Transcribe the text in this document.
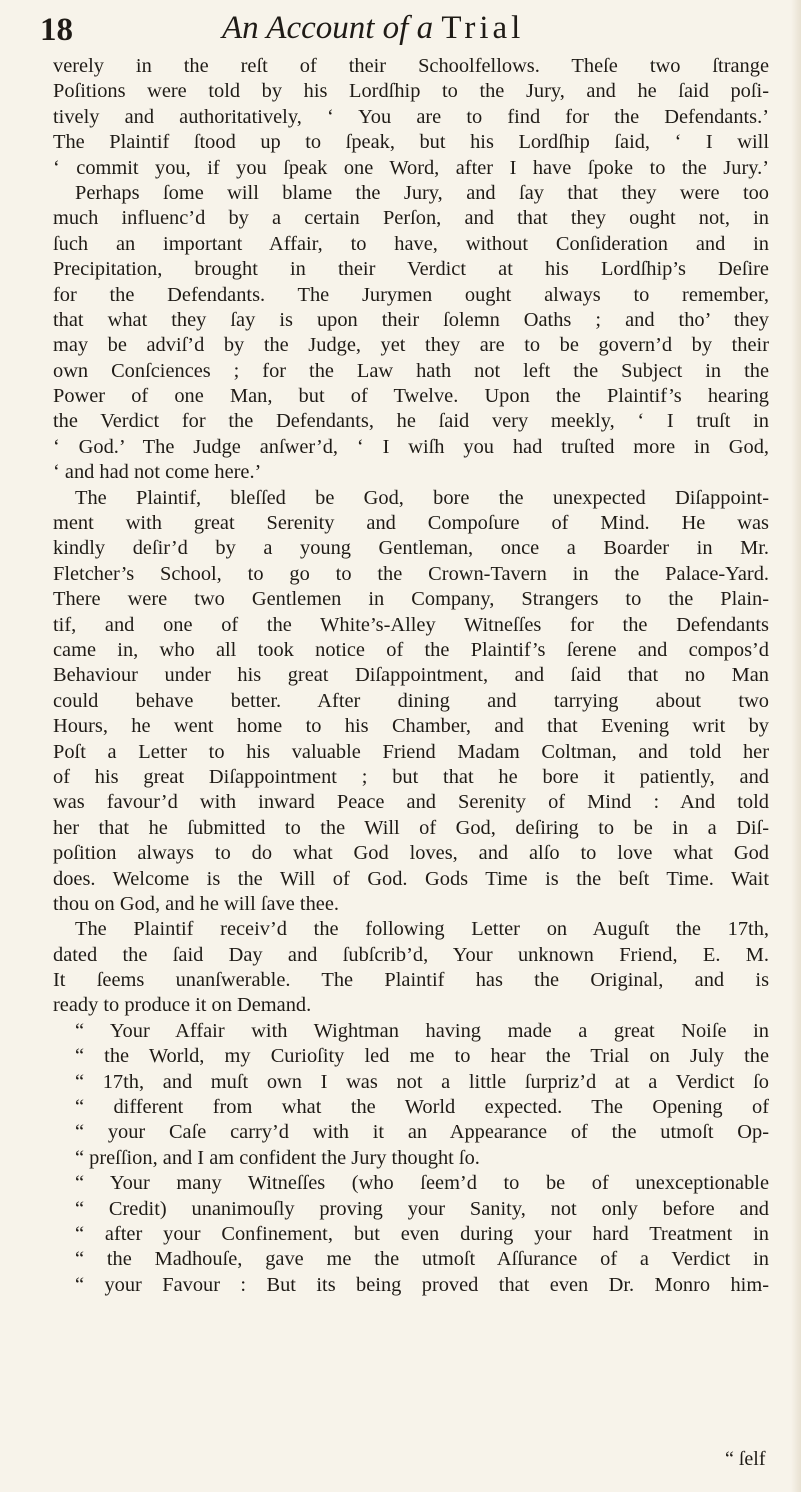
18	An Account of a Trial
verely in the reſt of their Schoolfellows. Theſe two ſtrange
Poſitions were told by his Lordſhip to the Jury, and he ſaid poſi-
tively and authoritatively, ‘ You are to find for the Defendants.’
The Plaintif ſtood up to ſpeak, but his Lordſhip ſaid, ‘ I will
‘ commit you, if you ſpeak one Word, after I have ſpoke to the Jury.’
Perhaps ſome will blame the Jury, and ſay that they were too
much influenc’d by a certain Perſon, and that they ought not, in
ſuch an important Affair, to have, without Conſideration and in
Precipitation, brought in their Verdict at his Lordſhip’s Deſire
for the Defendants. The Jurymen ought always to remember,
that what they ſay is upon their ſolemn Oaths ; and tho’ they
may be adviſ’d by the Judge, yet they are to be govern’d by their
own Conſciences ; for the Law hath not left the Subject in the
Power of one Man, but of Twelve. Upon the Plaintif’s hearing
the Verdict for the Defendants, he ſaid very meekly, ‘ I truſt in
‘ God.’ The Judge anſwer’d, ‘ I wiſh you had truſted more in God,
‘ and had not come here.’
The Plaintif, bleſſed be God, bore the unexpected Diſappoint-
ment with great Serenity and Compoſure of Mind. He was
kindly deſir’d by a young Gentleman, once a Boarder in Mr.
Fletcher’s School, to go to the Crown-Tavern in the Palace-Yard.
There were two Gentlemen in Company, Strangers to the Plain-
tif, and one of the White’s-Alley Witneſſes for the Defendants
came in, who all took notice of the Plaintif’s ſerene and compos’d
Behaviour under his great Diſappointment, and ſaid that no Man
could behave better. After dining and tarrying about two
Hours, he went home to his Chamber, and that Evening writ by
Poſt a Letter to his valuable Friend Madam Coltman, and told her
of his great Diſappointment ; but that he bore it patiently, and
was favour’d with inward Peace and Serenity of Mind : And told
her that he ſubmitted to the Will of God, deſiring to be in a Diſ-
poſition always to do what God loves, and alſo to love what God
does. Welcome is the Will of God. Gods Time is the beſt Time. Wait
thou on God, and he will ſave thee.
The Plaintif receiv’d the following Letter on Auguſt the 17th,
dated the ſaid Day and ſubſcrib’d, Your unknown Friend, E. M.
It ſeems unanſwerable. The Plaintif has the Original, and is
ready to produce it on Demand.
“ Your Affair with Wightman having made a great Noiſe in
“ the World, my Curioſity led me to hear the Trial on July the
“ 17th, and muſt own I was not a little ſurpriz’d at a Verdict ſo
“ different from what the World expected. The Opening of
“ your Caſe carry’d with it an Appearance of the utmoſt Op-
“ preſſion, and I am confident the Jury thought ſo.
“ Your many Witneſſes (who ſeem’d to be of unexceptionable
“ Credit) unanimouſly proving your Sanity, not only before and
“ after your Confinement, but even during your hard Treatment in
“ the Madhouſe, gave me the utmoſt Aſſurance of a Verdict in
“ your Favour : But its being proved that even Dr. Monro him-
“ ſelf
